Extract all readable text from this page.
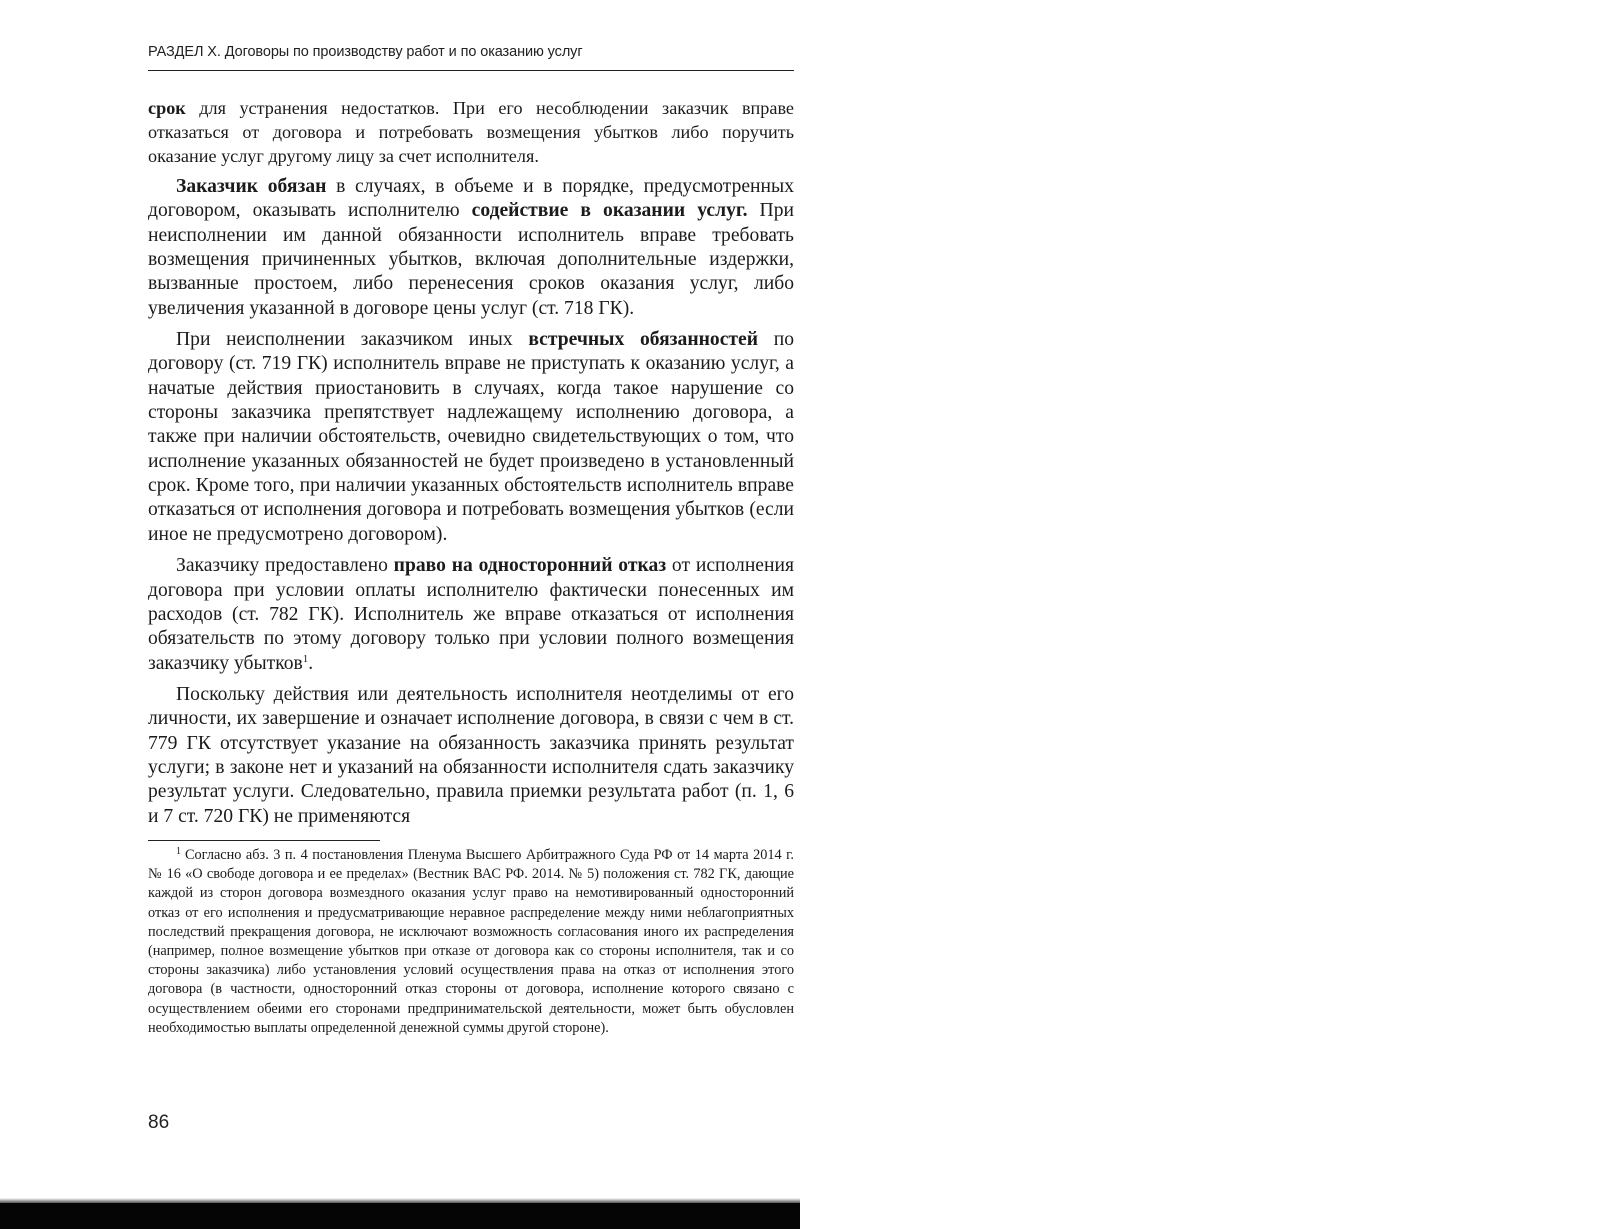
РАЗДЕЛ X. Договоры по производству работ и по оказанию услуг

срок для устранения недостатков. При его несоблюдении заказчик вправе отказаться от договора и потребовать возмещения убытков либо поручить оказание услуг другому лицу за счет исполнителя.

Заказчик обязан в случаях, в объеме и в порядке, предусмотренных договором, оказывать исполнителю содействие в оказании услуг. При неисполнении им данной обязанности исполнитель вправе требовать возмещения причиненных убытков, включая дополнительные издержки, вызванные простоем, либо перенесения сроков оказания услуг, либо увеличения указанной в договоре цены услуг (ст. 718 ГК).

При неисполнении заказчиком иных встречных обязанностей по договору (ст. 719 ГК) исполнитель вправе не приступать к оказанию услуг, а начатые действия приостановить в случаях, когда такое нарушение со стороны заказчика препятствует надлежащему исполнению договора, а также при наличии обстоятельств, очевидно свидетельствующих о том, что исполнение указанных обязанностей не будет произведено в установленный срок. Кроме того, при наличии указанных обстоятельств исполнитель вправе отказаться от исполнения договора и потребовать возмещения убытков (если иное не предусмотрено договором).

Заказчику предоставлено право на односторонний отказ от исполнения договора при условии оплаты исполнителю фактически понесенных им расходов (ст. 782 ГК). Исполнитель же вправе отказаться от исполнения обязательств по этому договору только при условии полного возмещения заказчику убытков$^1$.

Поскольку действия или деятельность исполнителя неотделимы от его личности, их завершение и означает исполнение договора, в связи с чем в ст. 779 ГК отсутствует указание на обязанность заказчика принять результат услуги; в законе нет и указаний на обязанности исполнителя сдать заказчику результат услуги. Следовательно, правила приемки результата работ (п. 1, 6 и 7 ст. 720 ГК) не применяются

$^1$ Согласно абз. 3 п. 4 постановления Пленума Высшего Арбитражного Суда РФ от 14 марта 2014 г. № 16 «О свободе договора и ее пределах» (Вестник ВАС РФ. 2014. № 5) положения ст. 782 ГК, дающие каждой из сторон договора возмездного оказания услуг право на немотивированный односторонний отказ от его исполнения и предусматривающие неравное распределение между ними неблагоприятных последствий прекращения договора, не исключают возможность согласования иного их распределения (например, полное возмещение убытков при отказе от договора как со стороны исполнителя, так и со стороны заказчика) либо установления условий осуществления права на отказ от исполнения этого договора (в частности, односторонний отказ стороны от договора, исполнение которого связано с осуществлением обеими его сторонами предпринимательской деятельности, может быть обусловлен необходимостью выплаты определенной денежной суммы другой стороне).

86
